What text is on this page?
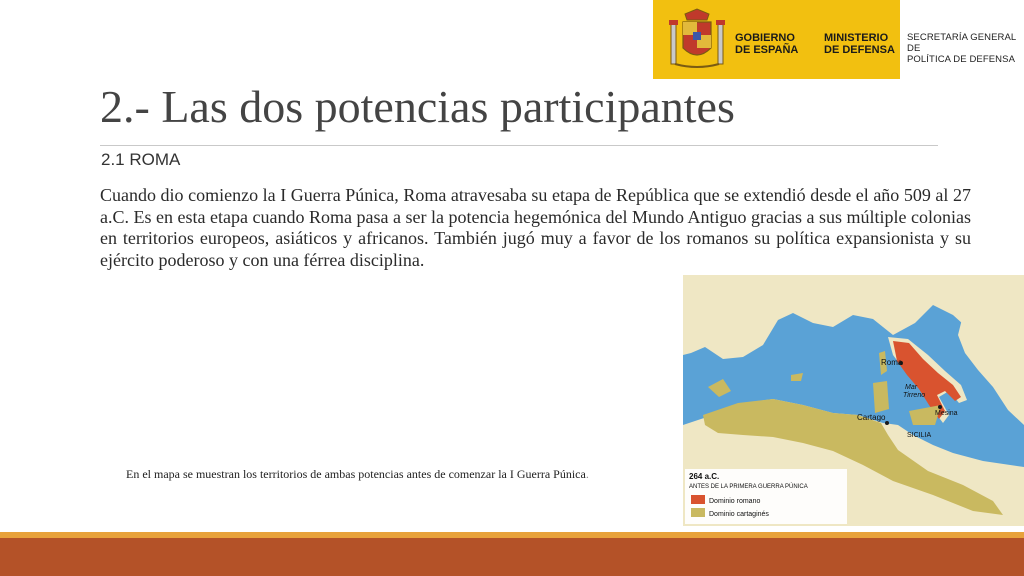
GOBIERNO
DE ESPAÑA
MINISTERIO
DE DEFENSA
SECRETARÍA GENERAL DE
POLÍTICA DE DEFENSA
2.- Las dos potencias participantes
2.1 ROMA

Cuando dio comienzo la I Guerra Púnica, Roma atravesaba su etapa de República que se extendió desde el año 509 al 27 a.C. Es en esta etapa cuando Roma pasa a ser la potencia hegemónica del Mundo Antiguo gracias a sus múltiple colonias en territorios europeos, asiáticos y africanos. También jugó muy a favor de los romanos su política expansionista y su ejército poderoso y con una férrea disciplina.

Roma
Mar
Tirreno
Mesina
Cartago
SICILIA
264 a.C.
ANTES DE LA PRIMERA GUERRA PÚNICA
Dominio romano
Dominio cartaginés
En el mapa se muestran los territorios de ambas potencias antes de comenzar la I Guerra Púnica.
